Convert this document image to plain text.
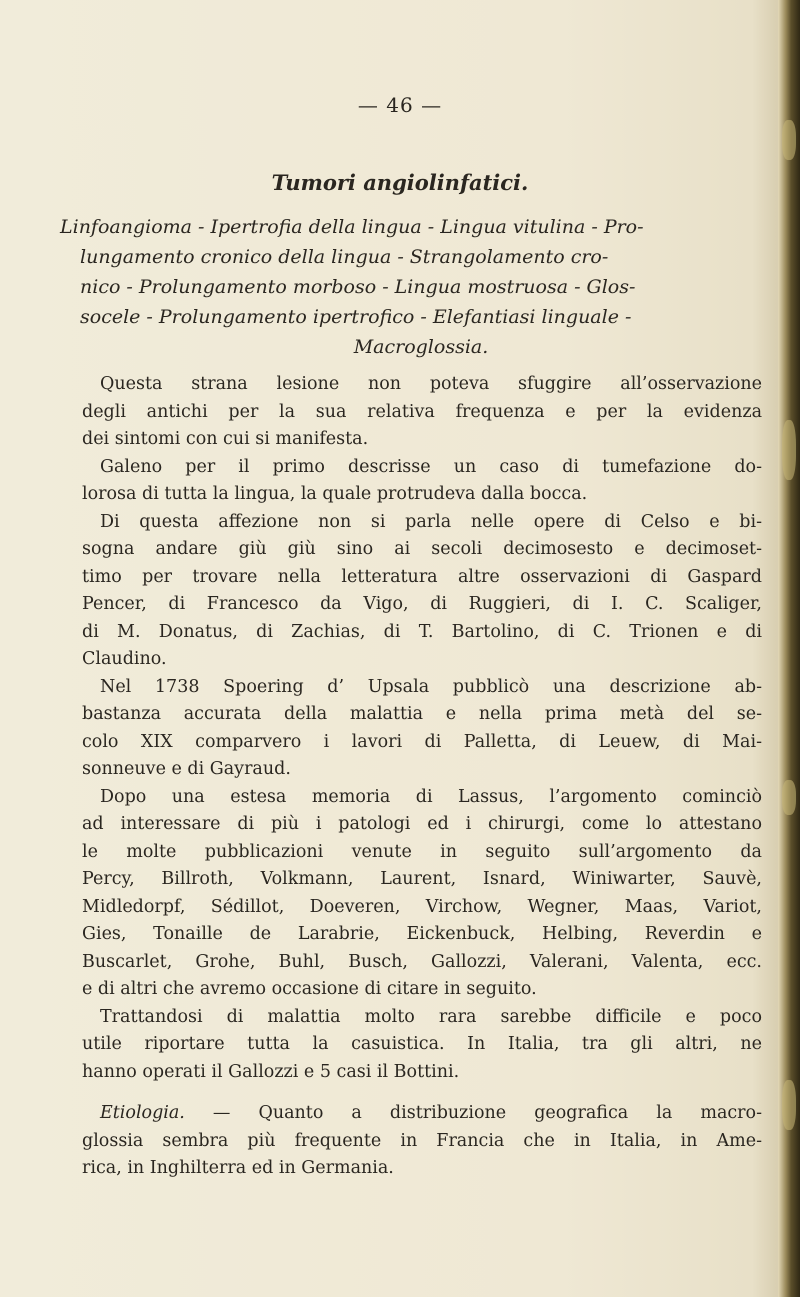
— 46 —
Tumori angiolinfatici.
Linfoangioma - Ipertrofia della lingua - Lingua vitulina - Pro-
lungamento cronico della lingua - Strangolamento cro-
nico - Prolungamento morboso - Lingua mostruosa - Glos-
socele - Prolungamento ipertrofico - Elefantiasi linguale -
Macroglossia.

Questa strana lesione non poteva sfuggire all’osservazione
degli antichi per la sua relativa frequenza e per la evidenza
dei sintomi con cui si manifesta.

Galeno per il primo descrisse un caso di tumefazione do-
lorosa di tutta la lingua, la quale protrudeva dalla bocca.

Di questa affezione non si parla nelle opere di Celso e bi-
sogna andare giù giù sino ai secoli decimosesto e decimoset-
timo per trovare nella letteratura altre osservazioni di Gaspard
Pencer, di Francesco da Vigo, di Ruggieri, di I. C. Scaliger,
di M. Donatus, di Zachias, di T. Bartolino, di C. Trionen e di
Claudino.

Nel 1738 Spoering d’ Upsala pubblicò una descrizione ab-
bastanza accurata della malattia e nella prima metà del se-
colo XIX comparvero i lavori di Palletta, di Leuew, di Mai-
sonneuve e di Gayraud.

Dopo una estesa memoria di Lassus, l’argomento cominciò
ad interessare di più i patologi ed i chirurgi, come lo attestano
le molte pubblicazioni venute in seguito sull’argomento da
Percy, Billroth, Volkmann, Laurent, Isnard, Winiwarter, Sauvè,
Midledorpf, Sédillot, Doeveren, Virchow, Wegner, Maas, Variot,
Gies, Tonaille de Larabrie, Eickenbuck, Helbing, Reverdin e
Buscarlet, Grohe, Buhl, Busch, Gallozzi, Valerani, Valenta, ecc.
e di altri che avremo occasione di citare in seguito.

Trattandosi di malattia molto rara sarebbe difficile e poco
utile riportare tutta la casuistica. In Italia, tra gli altri, ne
hanno operati il Gallozzi e 5 casi il Bottini.

Etiologia. — Quanto a distribuzione geografica la macro-
glossia sembra più frequente in Francia che in Italia, in Ame-
rica, in Inghilterra ed in Germania.
